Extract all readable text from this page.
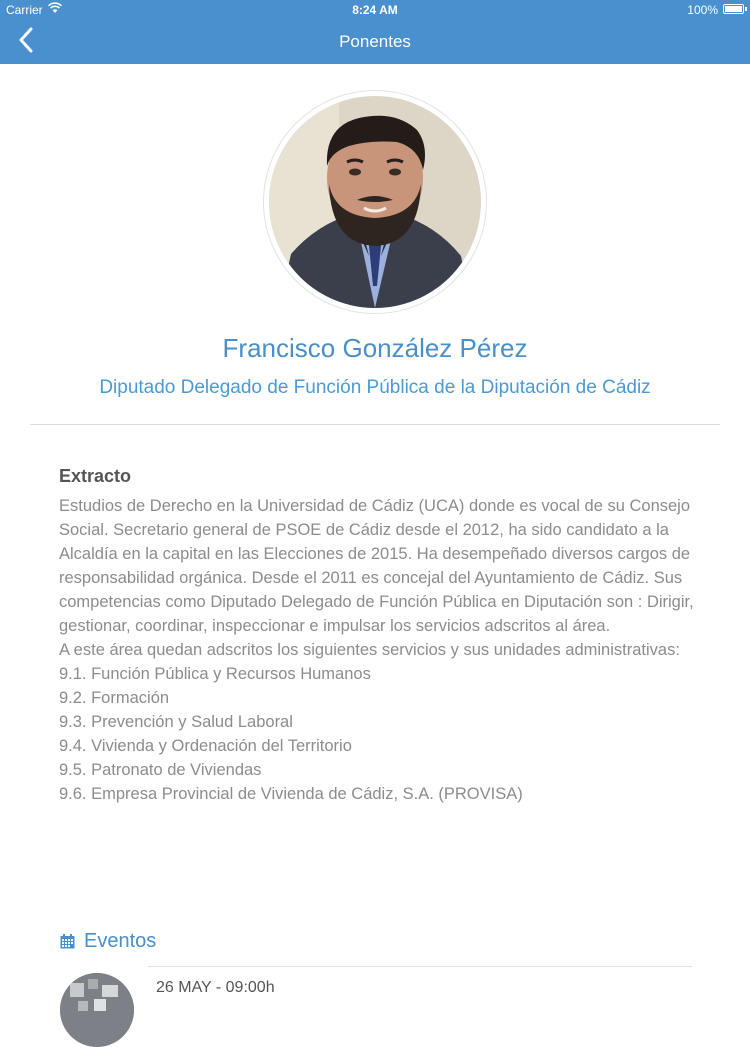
Carrier	8:24 AM	100%
Ponentes
Francisco González Pérez
Diputado Delegado de Función Pública de la Diputación de Cádiz
Extracto

Estudios de Derecho en la Universidad de Cádiz (UCA) donde es vocal de su Consejo Social. Secretario general de PSOE de Cádiz desde el 2012, ha sido candidato a la Alcaldía en la capital en las Elecciones de 2015. Ha desempeñado diversos cargos de responsabilidad orgánica. Desde el 2011 es concejal del Ayuntamiento de Cádiz. Sus competencias como Diputado Delegado de Función Pública en Diputación son : Dirigir, gestionar, coordinar, inspeccionar e impulsar los servicios adscritos al área.

A este área quedan adscritos los siguientes servicios y sus unidades administrativas:

9.1. Función Pública y Recursos Humanos

9.2. Formación

9.3. Prevención y Salud Laboral

9.4. Vivienda y Ordenación del Territorio

9.5. Patronato de Viviendas

9.6. Empresa Provincial de Vivienda de Cádiz, S.A. (PROVISA)

Eventos
26 MAY - 09:00h
